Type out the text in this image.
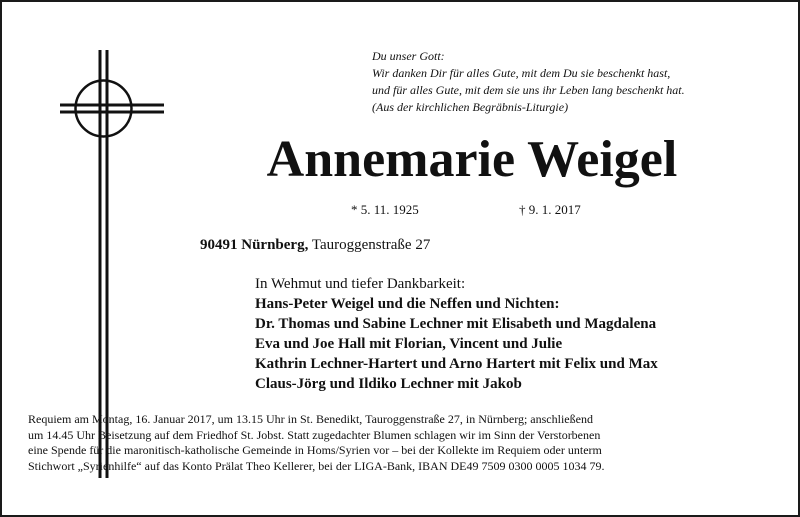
Du unser Gott:
Wir danken Dir für alles Gute, mit dem Du sie beschenkt hast,
und für alles Gute, mit dem sie uns ihr Leben lang beschenkt hat.
(Aus der kirchlichen Begräbnis-Liturgie)
Annemarie Weigel
* 5. 11. 1925	† 9. 1. 2017
90491 Nürnberg, Tauroggenstraße 27
In Wehmut und tiefer Dankbarkeit:
Hans-Peter Weigel und die Neffen und Nichten:
Dr. Thomas und Sabine Lechner mit Elisabeth und Magdalena
Eva und Joe Hall mit Florian, Vincent und Julie
Kathrin Lechner-Hartert und Arno Hartert mit Felix und Max
Claus-Jörg und Ildiko Lechner mit Jakob
Requiem am Montag, 16. Januar 2017, um 13.15 Uhr in St. Benedikt, Tauroggenstraße 27, in Nürnberg; anschließend
um 14.45 Uhr Beisetzung auf dem Friedhof St. Jobst. Statt zugedachter Blumen schlagen wir im Sinn der Verstorbenen
eine Spende für die maronitisch-katholische Gemeinde in Homs/Syrien vor – bei der Kollekte im Requiem oder unterm
Stichwort „Syrienhilfe“ auf das Konto Prälat Theo Kellerer, bei der LIGA-Bank, IBAN DE49 7509 0300 0005 1034 79.
